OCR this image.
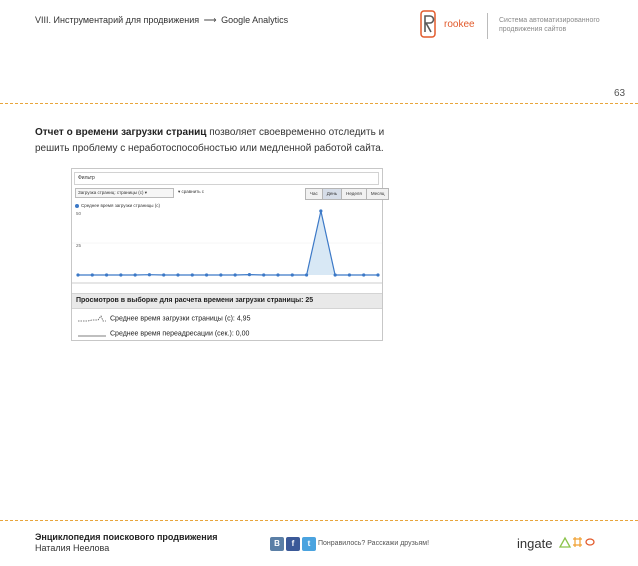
VIII. Инструментарий для продвижения ⟶ Google Analytics	rookee	Система автоматизированного продвижения сайтов
63
Отчет о времени загрузки страниц позволяет своевременно отследить и решить проблему с неработоспособностью или медленной работой сайта.
Фильтр
Загрузка страниц: страницы (с) ▾	▾ сравнить с	Час	День	Неделя	Месяц
Среднее время загрузки страницы (с)
50
25
Просмотров в выборке для расчета времени загрузки страницы: 25
Среднее время загрузки страницы (с): 4,95
Среднее время переадресации (сек.): 0,00
Энциклопедия поискового продвижения
Наталия Неелова	В	f	t	Понравилось? Расскажи друзьям!	ingate
